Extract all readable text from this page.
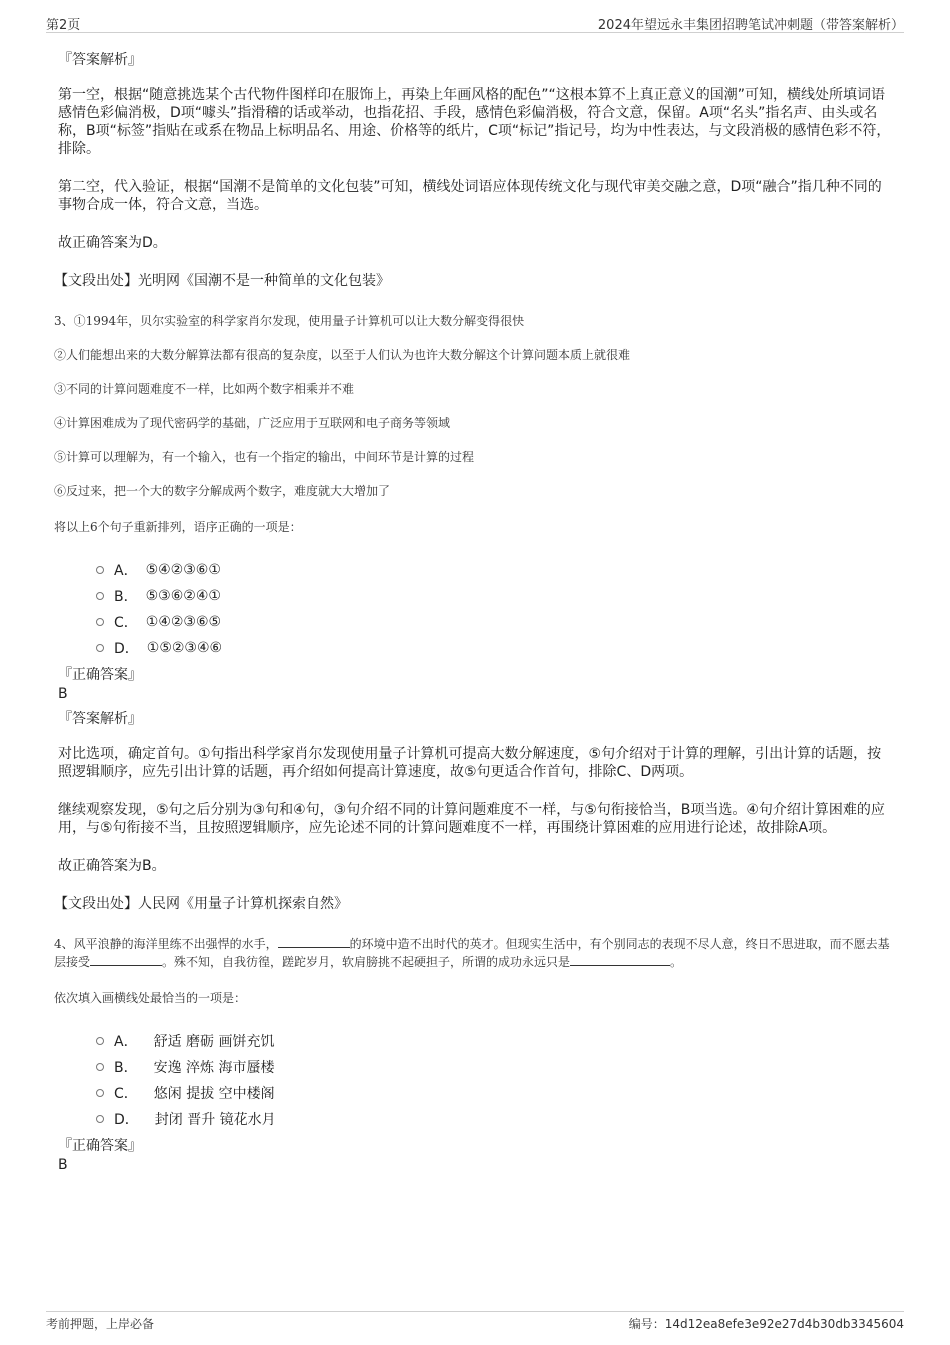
第2页	2024年望远永丰集团招聘笔试冲刺题（带答案解析）
『答案解析』

第一空，根据“随意挑选某个古代物件图样印在服饰上，再染上年画风格的配色”“这根本算不上真正意义的国潮”可知，横线处所填词语感情色彩偏消极，D项“噱头”指滑稽的话或举动，也指花招、手段，感情色彩偏消极，符合文意，保留。A项“名头”指名声、由头或名称，B项“标签”指贴在或系在物品上标明品名、用途、价格等的纸片，C项“标记”指记号，均为中性表达，与文段消极的感情色彩不符，排除。

第二空，代入验证，根据“国潮不是简单的文化包装”可知，横线处词语应体现传统文化与现代审美交融之意，D项“融合”指几种不同的事物合成一体，符合文意，当选。

故正确答案为D。

【文段出处】光明网《国潮不是一种简单的文化包装》

3、①1994年，贝尔实验室的科学家肖尔发现，使用量子计算机可以让大数分解变得很快

②人们能想出来的大数分解算法都有很高的复杂度，以至于人们认为也许大数分解这个计算问题本质上就很难

③不同的计算问题难度不一样，比如两个数字相乘并不难

④计算困难成为了现代密码学的基础，广泛应用于互联网和电子商务等领域

⑤计算可以理解为，有一个输入，也有一个指定的输出，中间环节是计算的过程

⑥反过来，把一个大的数字分解成两个数字，难度就大大增加了

将以上6个句子重新排列，语序正确的一项是：

A． ⑤④②③⑥①
B． ⑤③⑥②④①
C． ①④②③⑥⑤
D． ①⑤②③④⑥
『正确答案』
B
『答案解析』

对比选项，确定首句。①句指出科学家肖尔发现使用量子计算机可提高大数分解速度，⑤句介绍对于计算的理解，引出计算的话题，按照逻辑顺序，应先引出计算的话题，再介绍如何提高计算速度，故⑤句更适合作首句，排除C、D两项。

继续观察发现，⑤句之后分别为③句和④句，③句介绍不同的计算问题难度不一样，与⑤句衔接恰当，B项当选。④句介绍计算困难的应用，与⑤句衔接不当，且按照逻辑顺序，应先论述不同的计算问题难度不一样，再围绕计算困难的应用进行论述，故排除A项。

故正确答案为B。

【文段出处】人民网《用量子计算机探索自然》

4、风平浪静的海洋里练不出强悍的水手，	的环境中造不出时代的英才。但现实生活中，有个别同志的表现不尽人意，终日不思进取，而不愿去基层接受	。殊不知，自我彷徨，蹉跎岁月，软肩膀挑不起硬担子，所谓的成功永远只是	。

依次填入画横线处最恰当的一项是：

A． 舒适 磨砺 画饼充饥
B． 安逸 淬炼 海市蜃楼
C． 悠闲 提拔 空中楼阁
D． 封闭 晋升 镜花水月
『正确答案』
B
考前押题，上岸必备	编号：14d12ea8efe3e92e27d4b30db3345604
